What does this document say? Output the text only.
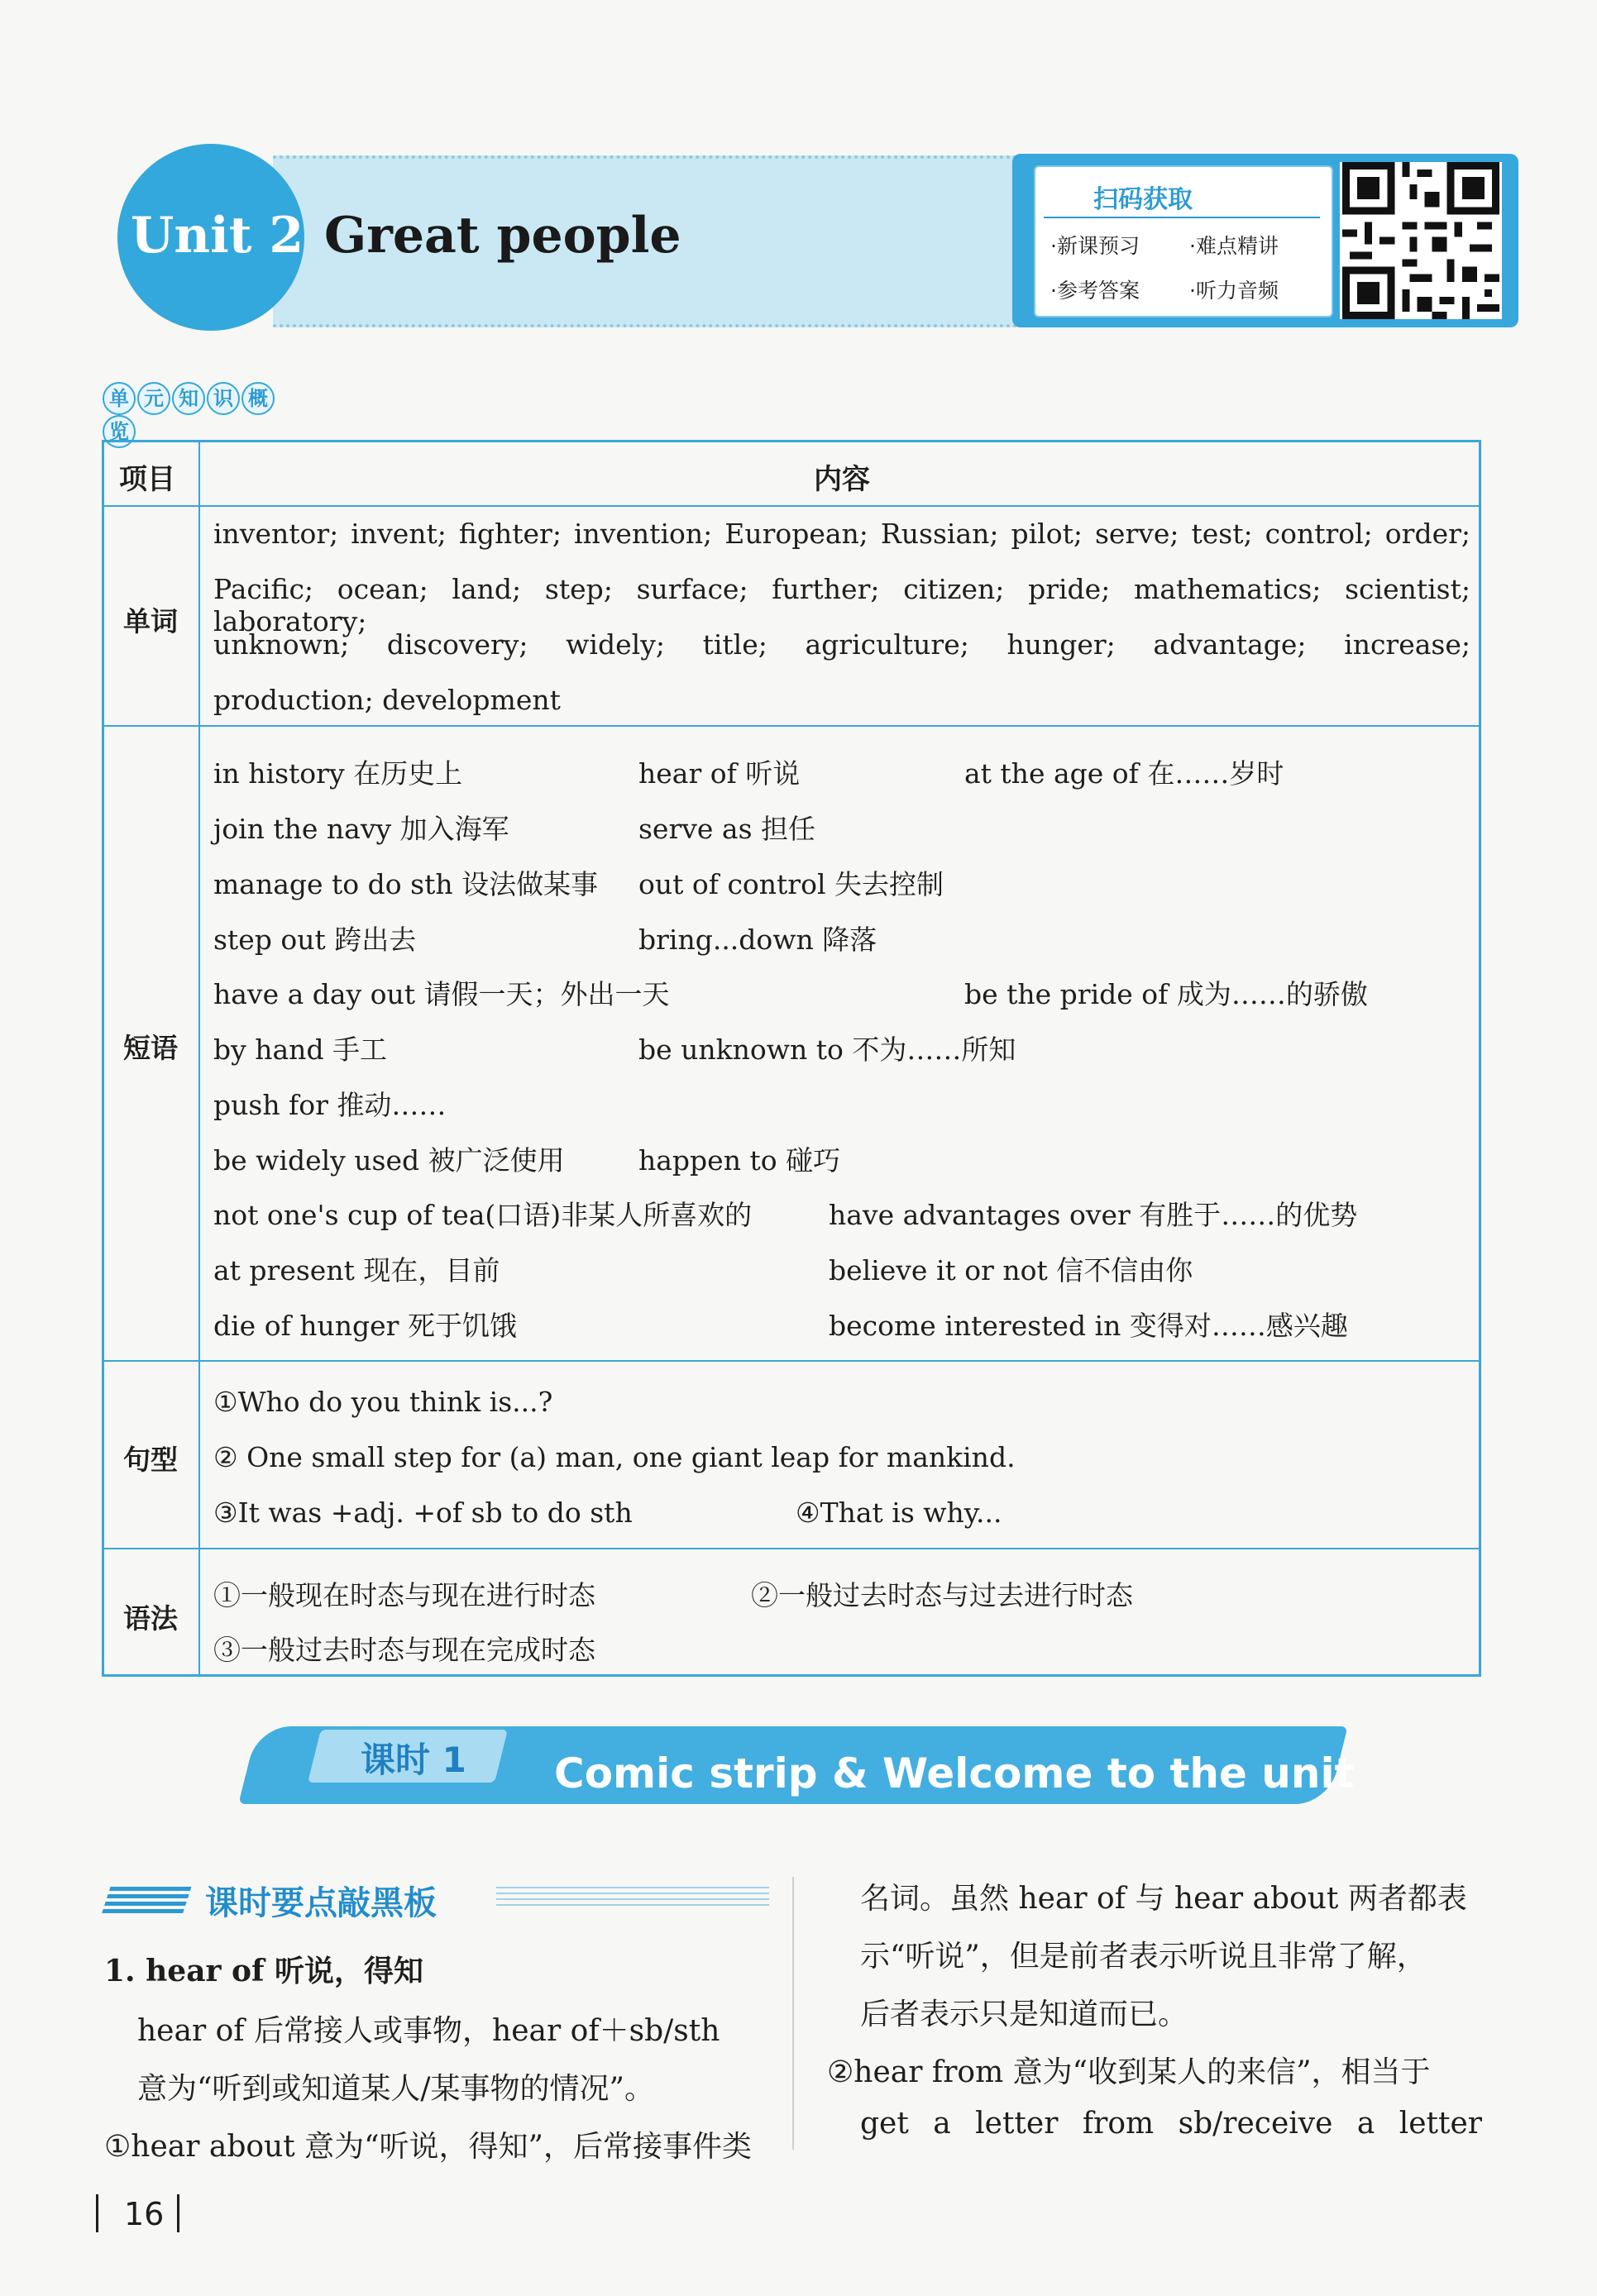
Unit 2 Great people
扫码获取
·新课预习 ·难点精讲
·参考答案 ·听力音频
单 元 知 识 概览
项目	内容
单词
inventor; invent; fighter; invention; European; Russian; pilot; serve; test; control; order;
Pacific; ocean; land; step; surface; further; citizen; pride; mathematics; scientist; laboratory;
unknown; discovery; widely; title; agriculture; hunger; advantage; increase;
production; development
短语
in history 在历史上	hear of 听说	at the age of 在……岁时
join the navy 加入海军	serve as 担任
manage to do sth 设法做某事 out of control 失去控制
step out 跨出去	bring...down 降落
have a day out 请假一天；外出一天	be the pride of 成为……的骄傲
by hand 手工	be unknown to 不为……所知
push for 推动……
be widely used 被广泛使用	happen to 碰巧
not one's cup of tea(口语)非某人所喜欢的	have advantages over 有胜于……的优势
at present 现在，目前	believe it or not 信不信由你
die of hunger 死于饥饿	become interested in 变得对……感兴趣
句型
①Who do you think is...?
② One small step for (a) man, one giant leap for mankind.
③It was +adj. +of sb to do sth	④That is why...
语法
①一般现在时态与现在进行时态	②一般过去时态与过去进行时态
③一般过去时态与现在完成时态
课时 1 Comic strip & Welcome to the unit
课时要点敲黑板
1. hear of 听说，得知
hear of 后常接人或事物，hear of＋sb/sth
意为“听到或知道某人/某事物的情况”。
①hear about 意为“听说，得知”，后常接事件类
名词。虽然 hear of 与 hear about 两者都表
示“听说”，但是前者表示听说且非常了解，
后者表示只是知道而已。
②hear from 意为“收到某人的来信”，相当于
get a letter from sb/receive a letter
16
